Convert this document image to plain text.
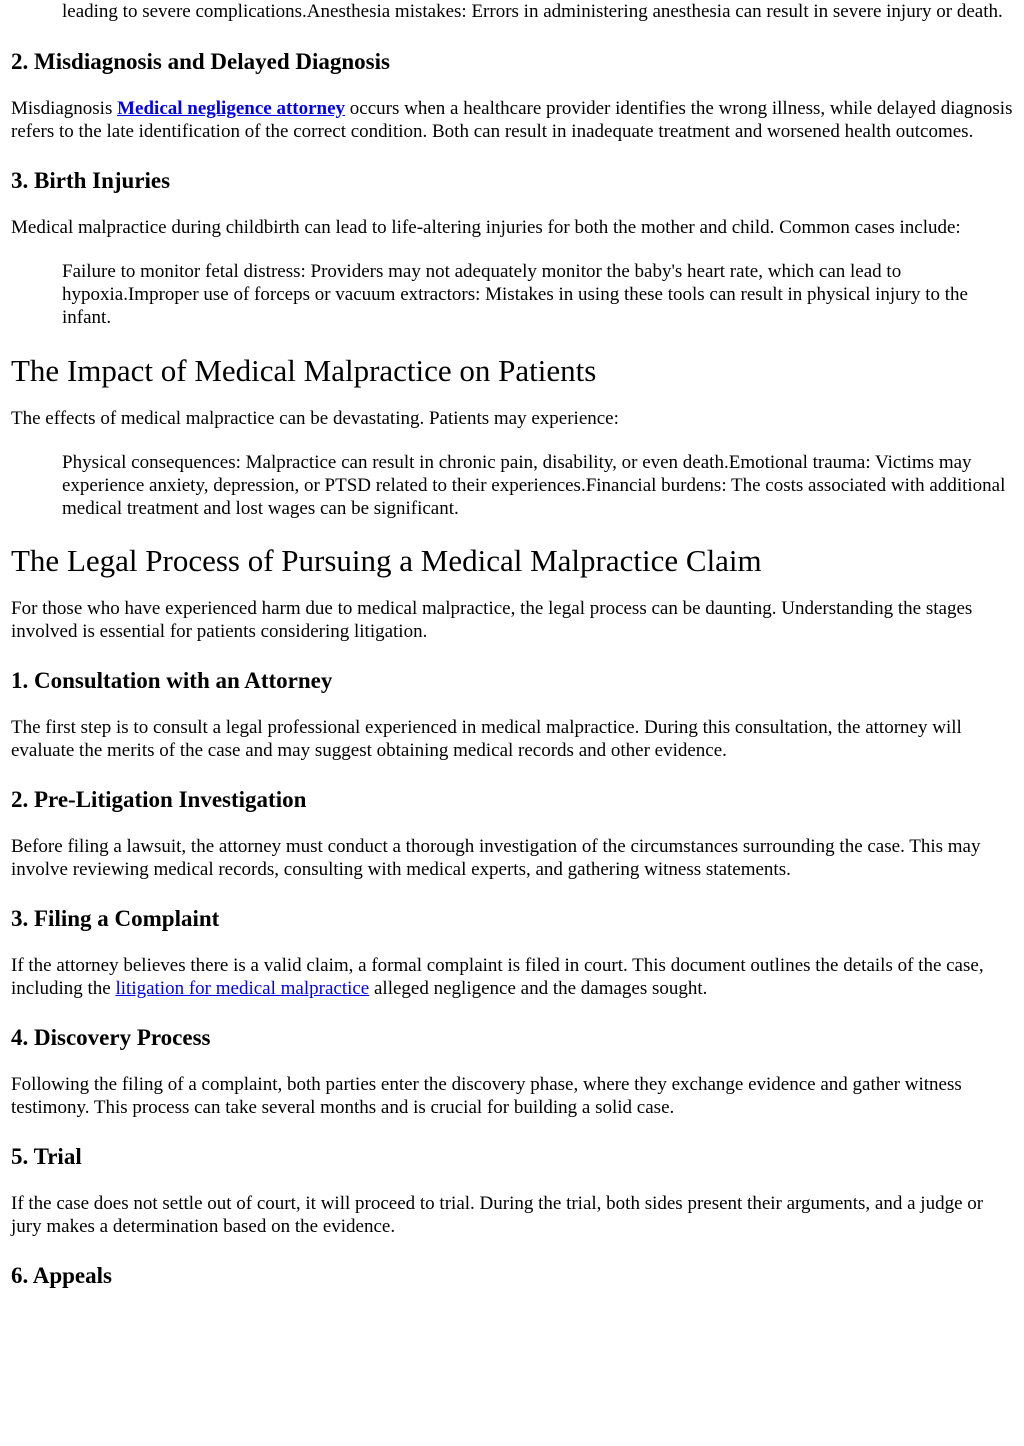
leading to severe complications.Anesthesia mistakes: Errors in administering anesthesia can result in severe injury or death.

2. Misdiagnosis and Delayed Diagnosis

Misdiagnosis Medical negligence attorney occurs when a healthcare provider identifies the wrong illness, while delayed diagnosis refers to the late identification of the correct condition. Both can result in inadequate treatment and worsened health outcomes.

3. Birth Injuries

Medical malpractice during childbirth can lead to life-altering injuries for both the mother and child. Common cases include:

Failure to monitor fetal distress: Providers may not adequately monitor the baby's heart rate, which can lead to hypoxia.Improper use of forceps or vacuum extractors: Mistakes in using these tools can result in physical injury to the infant.

The Impact of Medical Malpractice on Patients

The effects of medical malpractice can be devastating. Patients may experience:

Physical consequences: Malpractice can result in chronic pain, disability, or even death.Emotional trauma: Victims may experience anxiety, depression, or PTSD related to their experiences.Financial burdens: The costs associated with additional medical treatment and lost wages can be significant.

The Legal Process of Pursuing a Medical Malpractice Claim

For those who have experienced harm due to medical malpractice, the legal process can be daunting. Understanding the stages involved is essential for patients considering litigation.

1. Consultation with an Attorney

The first step is to consult a legal professional experienced in medical malpractice. During this consultation, the attorney will evaluate the merits of the case and may suggest obtaining medical records and other evidence.

2. Pre-Litigation Investigation

Before filing a lawsuit, the attorney must conduct a thorough investigation of the circumstances surrounding the case. This may involve reviewing medical records, consulting with medical experts, and gathering witness statements.

3. Filing a Complaint

If the attorney believes there is a valid claim, a formal complaint is filed in court. This document outlines the details of the case, including the litigation for medical malpractice alleged negligence and the damages sought.

4. Discovery Process

Following the filing of a complaint, both parties enter the discovery phase, where they exchange evidence and gather witness testimony. This process can take several months and is crucial for building a solid case.

5. Trial

If the case does not settle out of court, it will proceed to trial. During the trial, both sides present their arguments, and a judge or jury makes a determination based on the evidence.

6. Appeals
